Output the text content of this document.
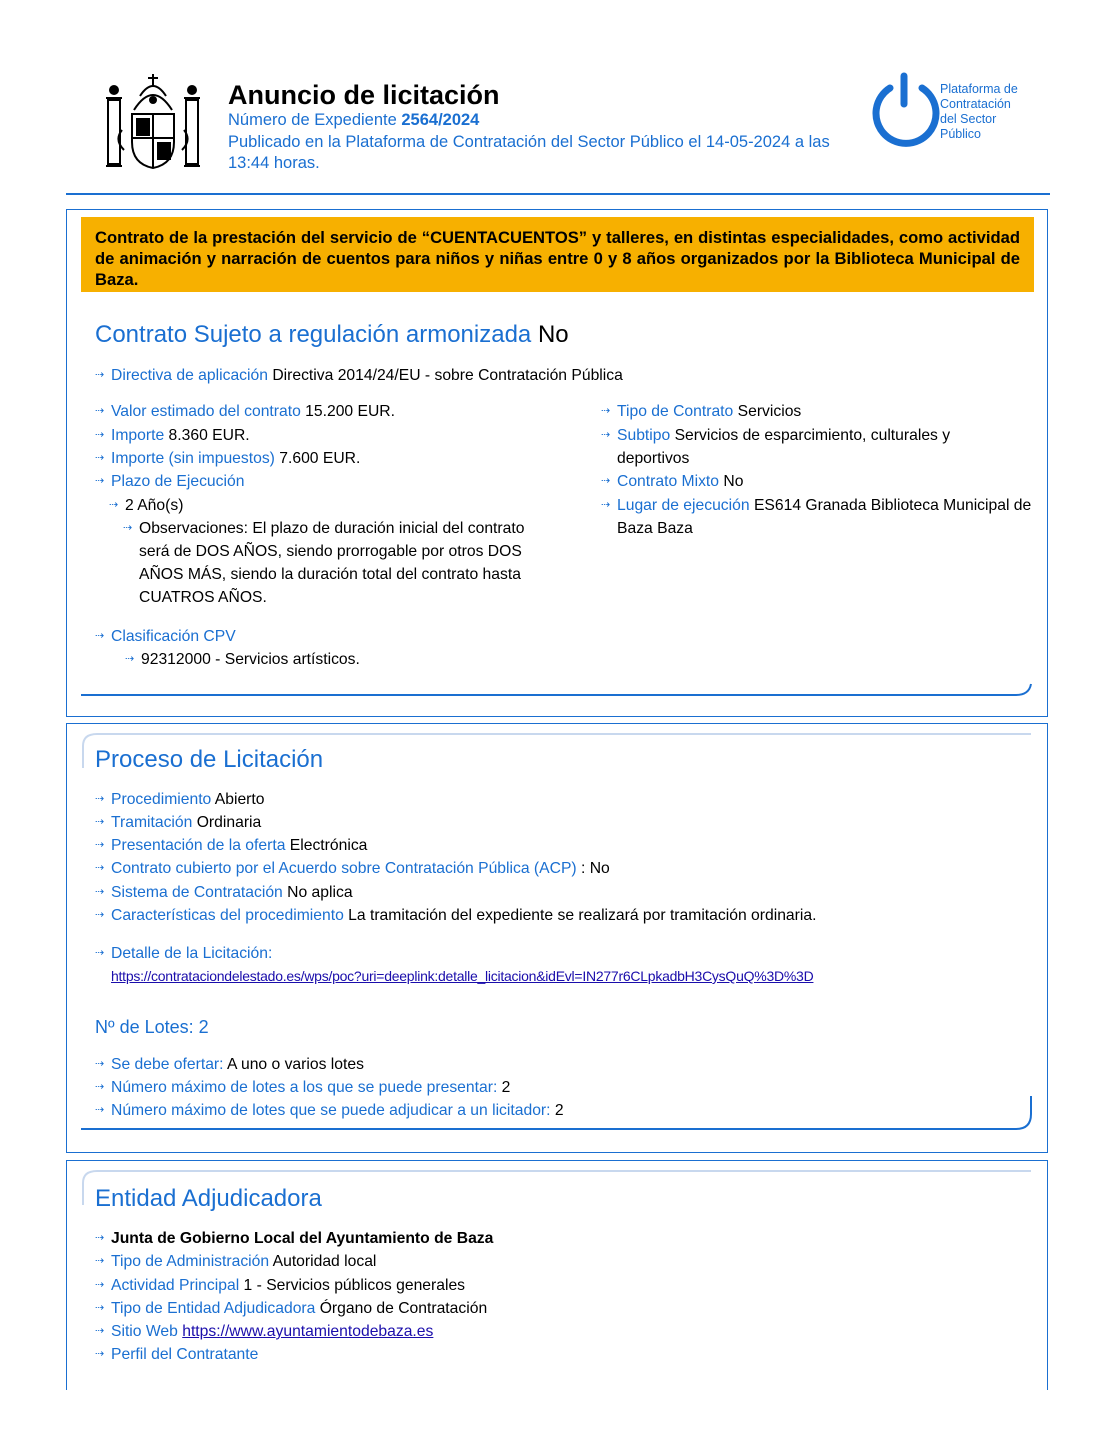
Anuncio de licitación
Número de Expediente 2564/2024
Publicado en la Plataforma de Contratación del Sector Público el 14-05-2024 a las 13:44 horas.
Plataforma de
Contratación
del Sector
Público
Contrato de la prestación del servicio de “CUENTACUENTOS” y talleres, en distintas especialidades, como actividad de animación y narración de cuentos para niños y niñas entre 0 y 8 años organizados por la Biblioteca Municipal de Baza.
Contrato Sujeto a regulación armonizada No
⇢ Directiva de aplicación Directiva 2014/24/EU - sobre Contratación Pública
⇢ Valor estimado del contrato 15.200 EUR.
⇢ Importe 8.360 EUR.
⇢ Importe (sin impuestos) 7.600 EUR.
⇢ Plazo de Ejecución
⇢ 2 Año(s)
⇢ Observaciones: El plazo de duración inicial del contrato será de DOS AÑOS, siendo prorrogable por otros DOS AÑOS MÁS, siendo la duración total del contrato hasta CUATROS AÑOS.
⇢ Tipo de Contrato Servicios
⇢ Subtipo Servicios de esparcimiento, culturales y deportivos
⇢ Contrato Mixto No
⇢ Lugar de ejecución ES614 Granada Biblioteca Municipal de Baza Baza
⇢ Clasificación CPV
⇢ 92312000 - Servicios artísticos.
Proceso de Licitación
⇢ Procedimiento Abierto
⇢ Tramitación Ordinaria
⇢ Presentación de la oferta Electrónica
⇢ Contrato cubierto por el Acuerdo sobre Contratación Pública (ACP) : No
⇢ Sistema de Contratación No aplica
⇢ Características del procedimiento La tramitación del expediente se realizará por tramitación ordinaria.
⇢ Detalle de la Licitación:
https://contrataciondelestado.es/wps/poc?uri=deeplink:detalle_licitacion&idEvl=IN277r6CLpkadbH3CysQuQ%3D%3D
Nº de Lotes: 2
⇢ Se debe ofertar: A uno o varios lotes
⇢ Número máximo de lotes a los que se puede presentar: 2
⇢ Número máximo de lotes que se puede adjudicar a un licitador: 2
Entidad Adjudicadora
⇢ Junta de Gobierno Local del Ayuntamiento de Baza
⇢ Tipo de Administración Autoridad local
⇢ Actividad Principal 1 - Servicios públicos generales
⇢ Tipo de Entidad Adjudicadora Órgano de Contratación
⇢ Sitio Web https://www.ayuntamientodebaza.es
⇢ Perfil del Contratante
